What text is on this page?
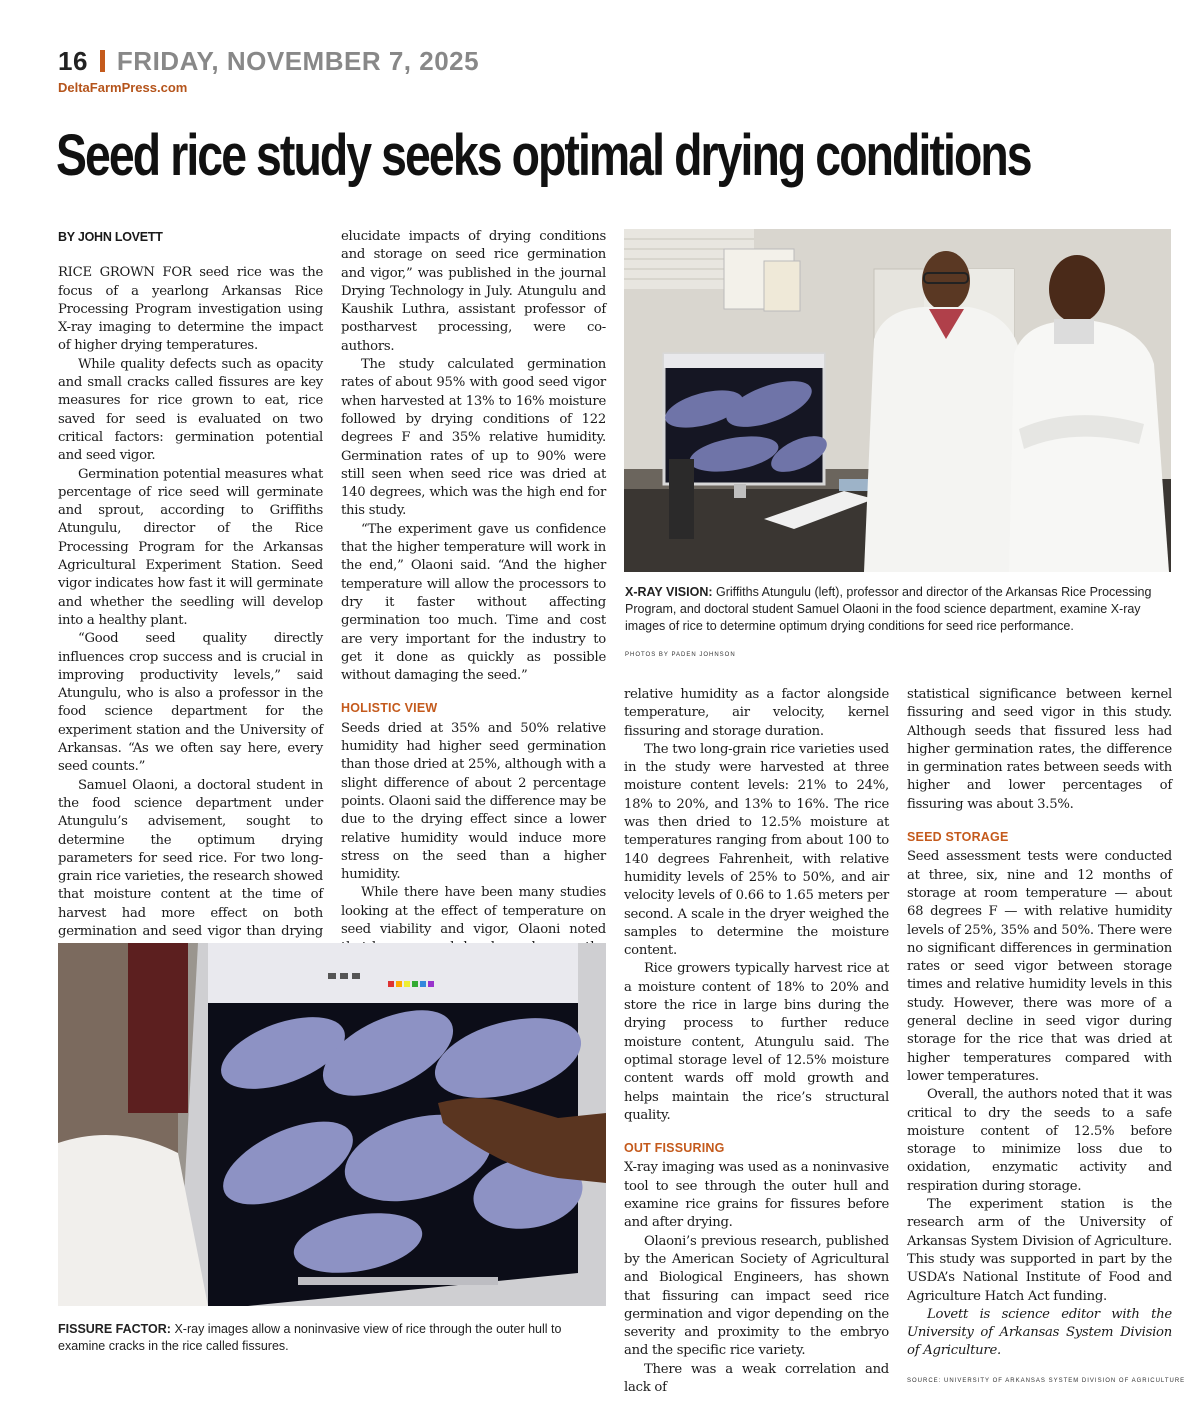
16 FRIDAY, NOVEMBER 7, 2025
DeltaFarmPress.com
Seed rice study seeks optimal drying conditions

BY JOHN LOVETT

RICE GROWN FOR seed rice was the focus of a yearlong Arkansas Rice Processing Program investigation using X-ray imaging to determine the impact of higher drying temperatures.

While quality defects such as opacity and small cracks called fissures are key measures for rice grown to eat, rice saved for seed is evaluated on two critical factors: germination potential and seed vigor.

Germination potential measures what percentage of rice seed will germinate and sprout, according to Griffiths Atungulu, director of the Rice Processing Program for the Arkansas Agricultural Experiment Station. Seed vigor indicates how fast it will germinate and whether the seedling will develop into a healthy plant.

“Good seed quality directly influences crop success and is crucial in improving productivity levels,” said Atungulu, who is also a professor in the food science department for the experiment station and the University of Arkansas. “As we often say here, every seed counts.”

Samuel Olaoni, a doctoral student in the food science department under Atungulu’s advisement, sought to determine the optimum drying parameters for seed rice. For two long-grain rice varieties, the research showed that moisture content at the time of harvest had more effect on both germination and seed vigor than drying

elucidate impacts of drying conditions and storage on seed rice germination and vigor,” was published in the journal Drying Technology in July. Atungulu and Kaushik Luthra, assistant professor of postharvest processing, were co-authors.

The study calculated germination rates of about 95% with good seed vigor when harvested at 13% to 16% moisture followed by drying conditions of 122 degrees F and 35% relative humidity. Germination rates of up to 90% were still seen when seed rice was dried at 140 degrees, which was the high end for this study.

“The experiment gave us confidence that the higher temperature will work in the end,” Olaoni said. “And the higher temperature will allow the processors to dry it faster without affecting germination too much. Time and cost are very important for the industry to get it done as quickly as possible without damaging the seed.”

HOLISTIC VIEW

Seeds dried at 35% and 50% relative humidity had higher seed germination than those dried at 25%, although with a slight difference of about 2 percentage points. Olaoni said the difference may be due to the drying effect since a lower relative humidity would induce more stress on the seed than a higher humidity.

While there have been many studies looking at the effect of temperature on seed viability and vigor, Olaoni noted

X-RAY VISION: Griffiths Atungulu (left), professor and director of the Arkansas Rice Processing Program, and doctoral student Samuel Olaoni in the food science department, examine X-ray images of rice to determine optimum drying conditions for seed rice performance.
PHOTOS BY PADEN JOHNSON

relative humidity as a factor alongside temperature, air velocity, kernel fissuring and storage duration.

The two long-grain rice varieties used in the study were harvested at three moisture content levels: 21% to 24%, 18% to 20%, and 13% to 16%. The rice was then dried to 12.5% moisture at temperatures ranging from about 100 to 140 degrees Fahrenheit, with relative humidity levels of 25% to 50%, and air velocity levels of 0.66 to 1.65 meters per second. A scale in the dryer weighed the samples to determine the moisture content.

Rice growers typically harvest rice at a moisture content of 18% to 20% and store the rice in large bins during the drying process to further reduce moisture content, Atungulu said. The optimal storage level of 12.5% moisture content wards off mold growth and helps maintain the rice’s structural quality.

OUT FISSURING

X-ray imaging was used as a noninvasive tool to see through the outer hull and examine rice grains for fissures before and after drying.

Olaoni’s previous research, published by the American Society of Agricultural and Biological Engineers, has shown that fissuring can impact seed rice germination and vigor depending on the severity and proximity to the embryo and the specific rice variety.

There was a weak correlation and lack of

statistical significance between kernel fissuring and seed vigor in this study. Although seeds that fissured less had higher germination rates, the difference in germination rates between seeds with higher and lower percentages of fissuring was about 3.5%.

SEED STORAGE

Seed assessment tests were conducted at three, six, nine and 12 months of storage at room temperature — about 68 degrees F — with relative humidity levels of 25%, 35% and 50%. There were no significant differences in germination rates or seed vigor between storage times and relative humidity levels in this study. However, there was more of a general decline in seed vigor during storage for the rice that was dried at higher temperatures compared with lower temperatures.

Overall, the authors noted that it was critical to dry the seeds to a safe moisture content of 12.5% before storage to minimize loss due to oxidation, enzymatic activity and respiration during storage.

The experiment station is the research arm of the University of Arkansas System Division of Agriculture. This study was supported in part by the USDA’s National Institute of Food and Agriculture Hatch Act funding.

Lovett is science editor with the University of Arkansas System Division of Agriculture.

SOURCE: UNIVERSITY OF ARKANSAS SYSTEM DIVISION OF AGRICULTURE
FISSURE FACTOR: X-ray images allow a noninvasive view of rice through the outer hull to examine cracks in the rice called fissures.
